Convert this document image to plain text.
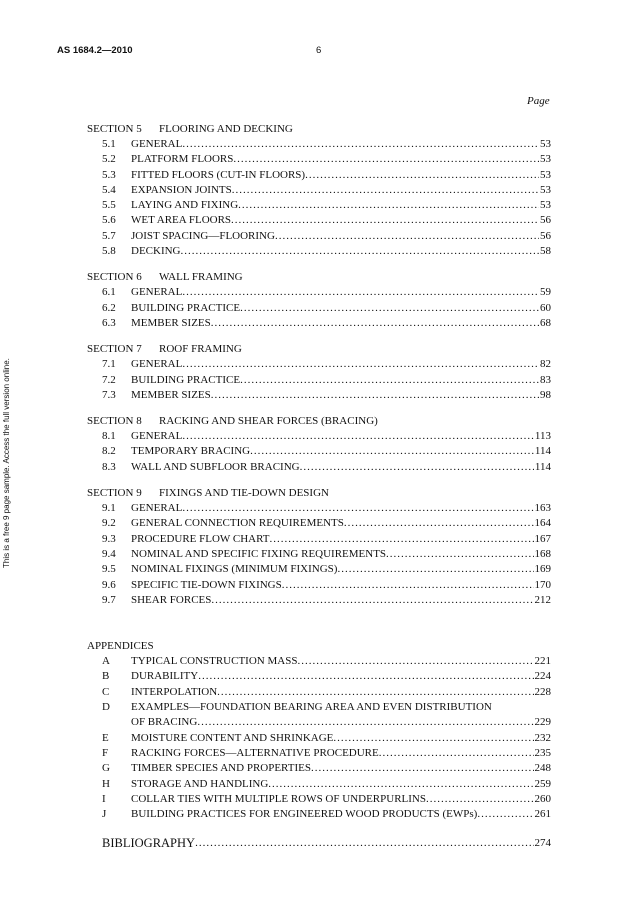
AS 1684.2—2010	6
This is a free 9 page sample. Access the full version online.
Page
SECTION 5 FLOORING AND DECKING
5.1	GENERAL .....	53
5.2	PLATFORM FLOORS .....	53
5.3	FITTED FLOORS (CUT-IN FLOORS) .....	53
5.4	EXPANSION JOINTS .....	53
5.5	LAYING AND FIXING .....	53
5.6	WET AREA FLOORS .....	56
5.7	JOIST SPACING—FLOORING .....	56
5.8	DECKING .....	58
SECTION 6 WALL FRAMING
6.1	GENERAL .....	59
6.2	BUILDING PRACTICE .....	60
6.3	MEMBER SIZES .....	68
SECTION 7 ROOF FRAMING
7.1	GENERAL .....	82
7.2	BUILDING PRACTICE .....	83
7.3	MEMBER SIZES .....	98
SECTION 8 RACKING AND SHEAR FORCES (BRACING)
8.1	GENERAL .....	113
8.2	TEMPORARY BRACING .....	114
8.3	WALL AND SUBFLOOR BRACING .....	114
SECTION 9 FIXINGS AND TIE-DOWN DESIGN
9.1	GENERAL .....	163
9.2	GENERAL CONNECTION REQUIREMENTS .....	164
9.3	PROCEDURE FLOW CHART .....	167
9.4	NOMINAL AND SPECIFIC FIXING REQUIREMENTS .....	168
9.5	NOMINAL FIXINGS (MINIMUM FIXINGS) .....	169
9.6	SPECIFIC TIE-DOWN FIXINGS .....	170
9.7	SHEAR FORCES .....	212
APPENDICES
A	TYPICAL CONSTRUCTION MASS .....	221
B	DURABILITY .....	224
C	INTERPOLATION .....	228
D	EXAMPLES—FOUNDATION BEARING AREA AND EVEN DISTRIBUTION
OF BRACING .....	229
E	MOISTURE CONTENT AND SHRINKAGE .....	232
F	RACKING FORCES—ALTERNATIVE PROCEDURE .....	235
G	TIMBER SPECIES AND PROPERTIES .....	248
H	STORAGE AND HANDLING .....	259
I	COLLAR TIES WITH MULTIPLE ROWS OF UNDERPURLINS .....	260
J	BUILDING PRACTICES FOR ENGINEERED WOOD PRODUCTS (EWPs) .....	261
BIBLIOGRAPHY .....	274
